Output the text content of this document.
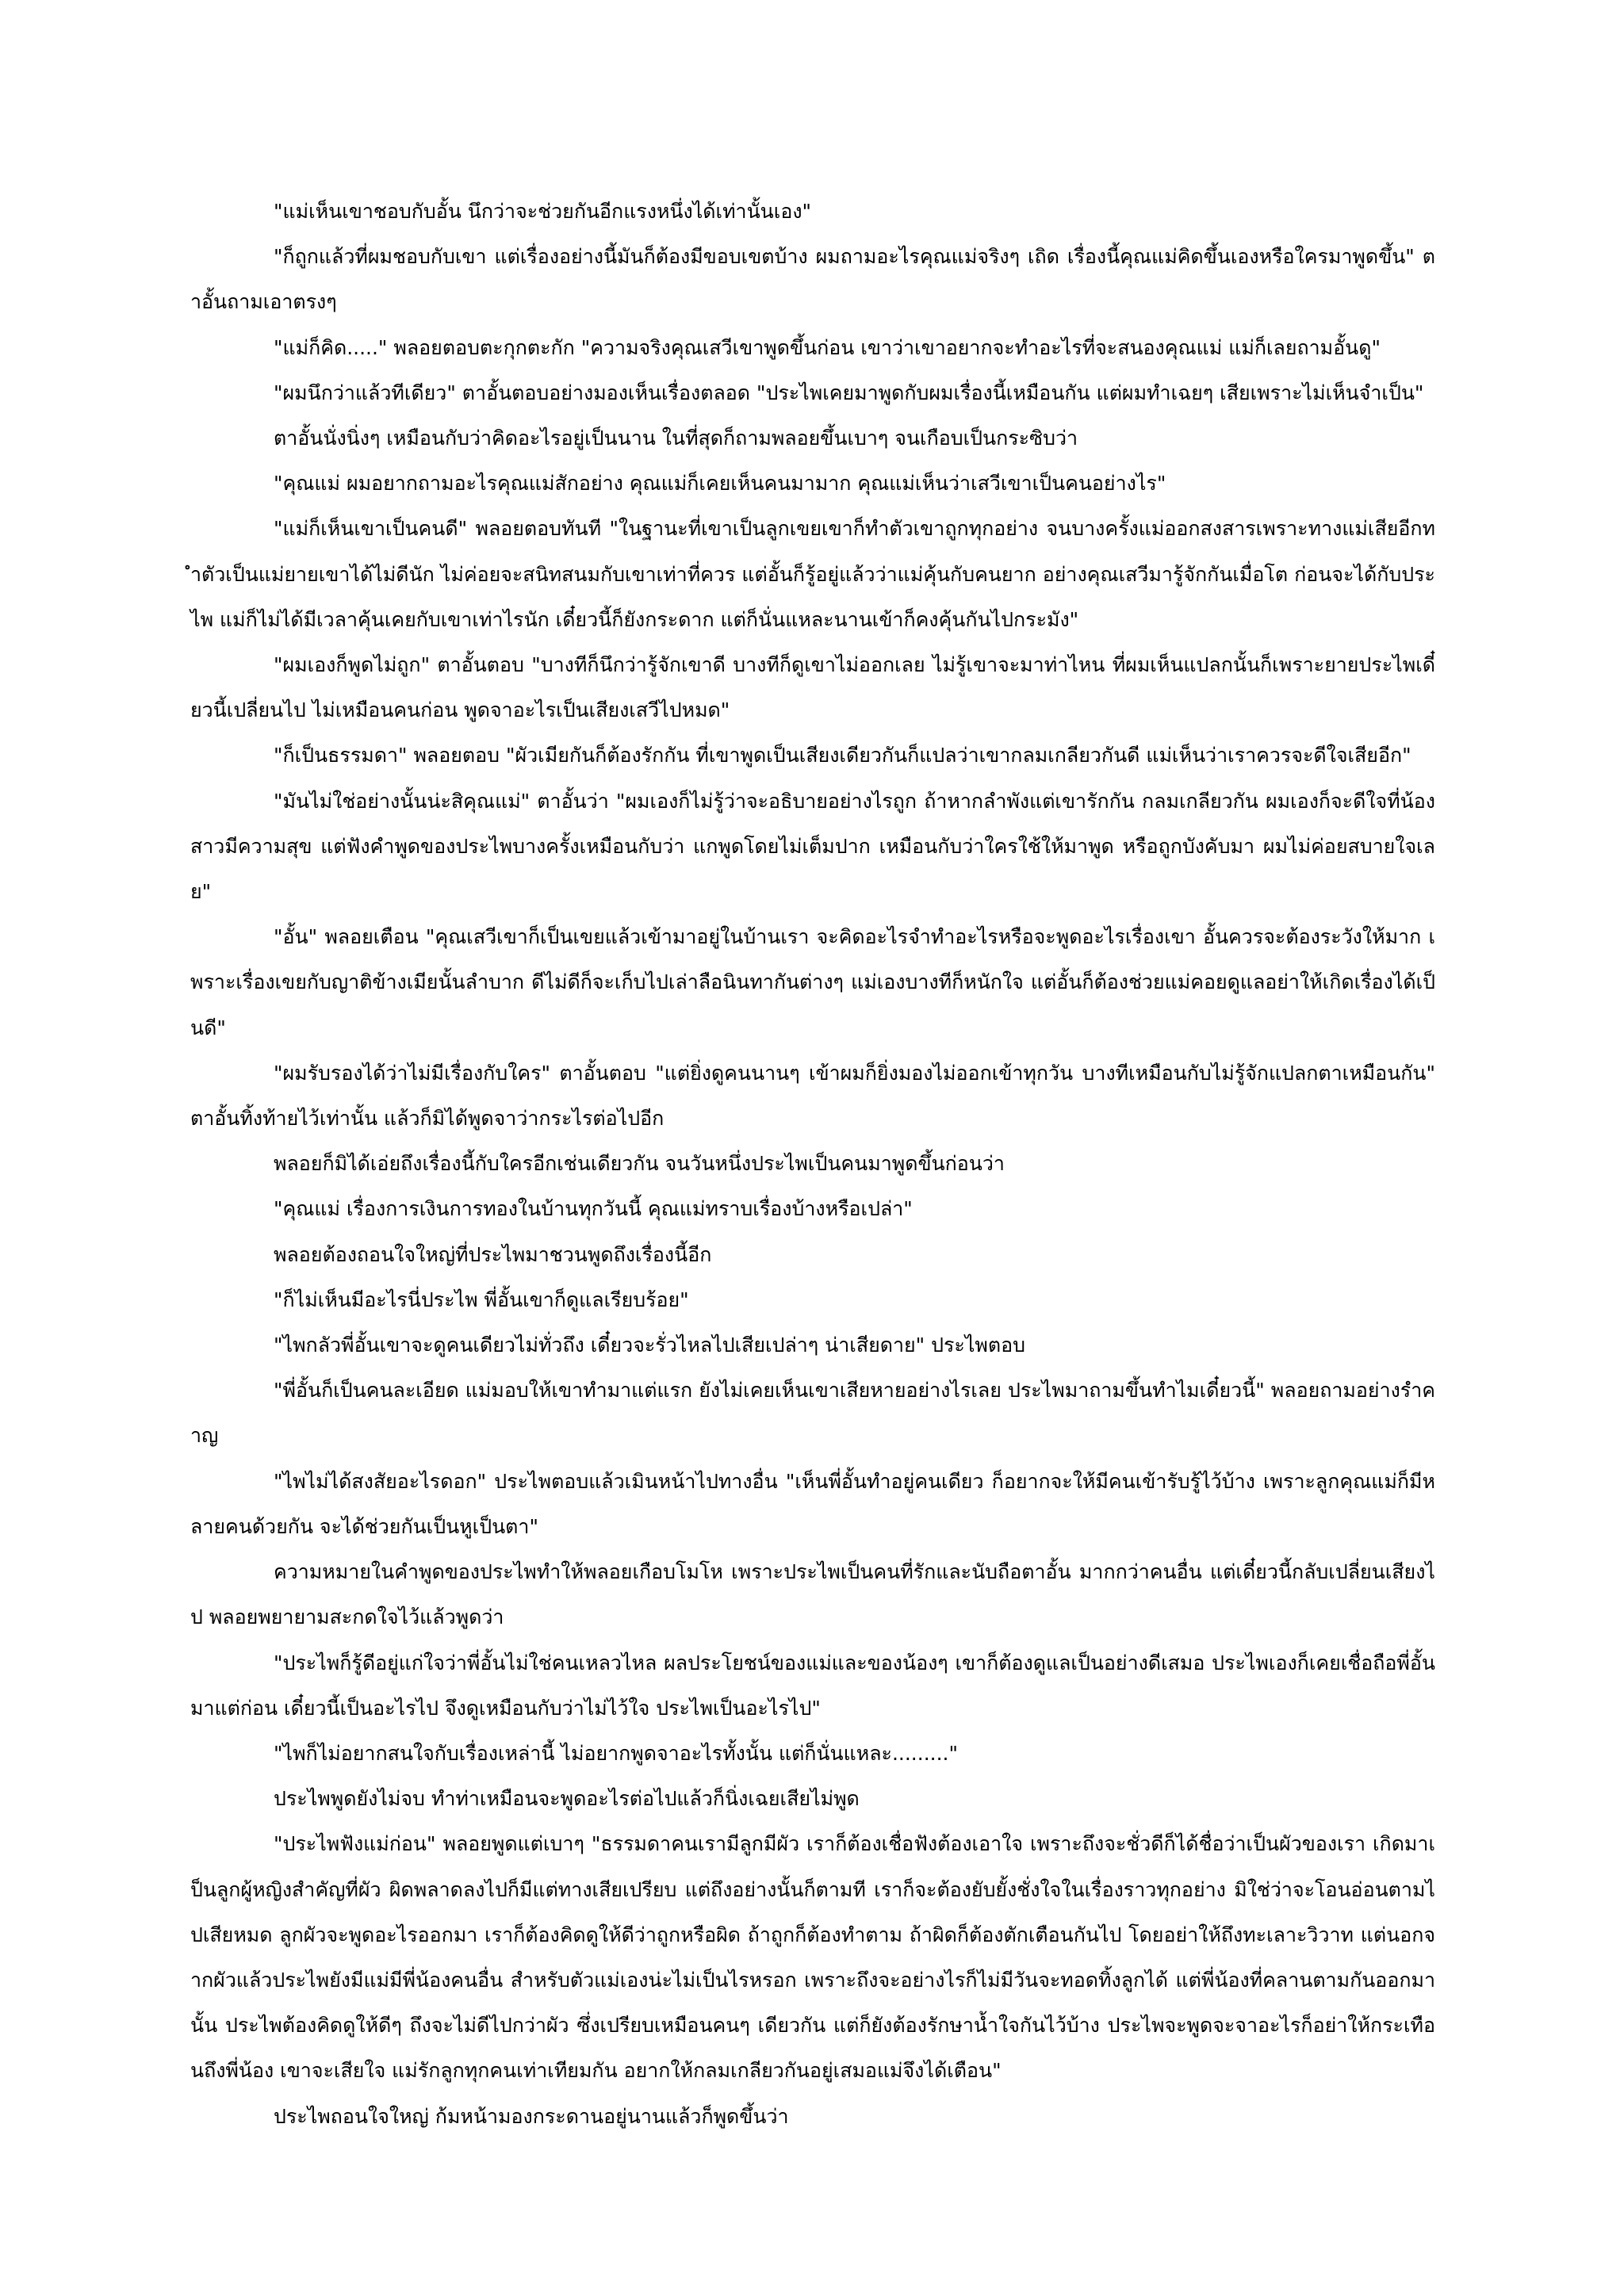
"แม่เห็นเขาชอบกับอั้น นึกว่าจะช่วยกันอีกแรงหนึ่งได้เท่านั้นเอง"

"ก็ถูกแล้วที่ผมชอบกับเขา แต่เรื่องอย่างนี้มันก็ต้องมีขอบเขตบ้าง ผมถามอะไรคุณแม่จริงๆ เถิด เรื่องนี้คุณแม่คิดขึ้นเองหรือใครมาพูดขึ้น" ตาอั้นถามเอาตรงๆ

"แม่ก็คิด....." พลอยตอบตะกุกตะกัก "ความจริงคุณเสวีเขาพูดขึ้นก่อน เขาว่าเขาอยากจะทำอะไรที่จะสนองคุณแม่ แม่ก็เลยถามอั้นดู"

"ผมนึกว่าแล้วทีเดียว" ตาอั้นตอบอย่างมองเห็นเรื่องตลอด "ประไพเคยมาพูดกับผมเรื่องนี้เหมือนกัน แต่ผมทำเฉยๆ เสียเพราะไม่เห็นจำเป็น"

ตาอั้นนั่งนิ่งๆ เหมือนกับว่าคิดอะไรอยู่เป็นนาน ในที่สุดก็ถามพลอยขึ้นเบาๆ จนเกือบเป็นกระซิบว่า

"คุณแม่ ผมอยากถามอะไรคุณแม่สักอย่าง คุณแม่ก็เคยเห็นคนมามาก คุณแม่เห็นว่าเสวีเขาเป็นคนอย่างไร"

"แม่ก็เห็นเขาเป็นคนดี" พลอยตอบทันที "ในฐานะที่เขาเป็นลูกเขยเขาก็ทำตัวเขาถูกทุกอย่าง จนบางครั้งแม่ออกสงสารเพราะทางแม่เสียอีกทำตัวเป็นแม่ยายเขาได้ไม่ดีนัก ไม่ค่อยจะสนิทสนมกับเขาเท่าที่ควร แต่อั้นก็รู้อยู่แล้วว่าแม่คุ้นกับคนยาก อย่างคุณเสวีมารู้จักกันเมื่อโต ก่อนจะได้กับประไพ แม่ก็ไม่ได้มีเวลาคุ้นเคยกับเขาเท่าไรนัก เดี๋ยวนี้ก็ยังกระดาก แต่ก็นั่นแหละนานเข้าก็คงคุ้นกันไปกระมัง"

"ผมเองก็พูดไม่ถูก" ตาอั้นตอบ "บางทีก็นึกว่ารู้จักเขาดี บางทีก็ดูเขาไม่ออกเลย ไม่รู้เขาจะมาท่าไหน ที่ผมเห็นแปลกนั้นก็เพราะยายประไพเดี๋ยวนี้เปลี่ยนไป ไม่เหมือนคนก่อน พูดจาอะไรเป็นเสียงเสวีไปหมด"

"ก็เป็นธรรมดา" พลอยตอบ "ผัวเมียกันก็ต้องรักกัน ที่เขาพูดเป็นเสียงเดียวกันก็แปลว่าเขากลมเกลียวกันดี แม่เห็นว่าเราควรจะดีใจเสียอีก"

"มันไม่ใช่อย่างนั้นน่ะสิคุณแม่" ตาอั้นว่า "ผมเองก็ไม่รู้ว่าจะอธิบายอย่างไรถูก ถ้าหากลำพังแต่เขารักกัน กลมเกลียวกัน ผมเองก็จะดีใจที่น้องสาวมีความสุข แต่ฟังคำพูดของประไพบางครั้งเหมือนกับว่า แกพูดโดยไม่เต็มปาก เหมือนกับว่าใครใช้ให้มาพูด หรือถูกบังคับมา ผมไม่ค่อยสบายใจเลย"

"อั้น" พลอยเตือน "คุณเสวีเขาก็เป็นเขยแล้วเข้ามาอยู่ในบ้านเรา จะคิดอะไรจำทำอะไรหรือจะพูดอะไรเรื่องเขา อั้นควรจะต้องระวังให้มาก เพราะเรื่องเขยกับญาติข้างเมียนั้นลำบาก ดีไม่ดีก็จะเก็บไปเล่าลือนินทากันต่างๆ แม่เองบางทีก็หนักใจ แต่อั้นก็ต้องช่วยแม่คอยดูแลอย่าให้เกิดเรื่องได้เป็นดี"

"ผมรับรองได้ว่าไม่มีเรื่องกับใคร" ตาอั้นตอบ "แต่ยิ่งดูคนนานๆ เข้าผมก็ยิ่งมองไม่ออกเข้าทุกวัน บางทีเหมือนกับไม่รู้จักแปลกตาเหมือนกัน" ตาอั้นทิ้งท้ายไว้เท่านั้น แล้วก็มิได้พูดจาว่ากระไรต่อไปอีก

พลอยก็มิได้เอ่ยถึงเรื่องนี้กับใครอีกเช่นเดียวกัน จนวันหนึ่งประไพเป็นคนมาพูดขึ้นก่อนว่า

"คุณแม่ เรื่องการเงินการทองในบ้านทุกวันนี้ คุณแม่ทราบเรื่องบ้างหรือเปล่า"

พลอยต้องถอนใจใหญ่ที่ประไพมาชวนพูดถึงเรื่องนี้อีก

"ก็ไม่เห็นมีอะไรนี่ประไพ พี่อั้นเขาก็ดูแลเรียบร้อย"

"ไพกลัวพี่อั้นเขาจะดูคนเดียวไม่ทั่วถึง เดี๋ยวจะรั่วไหลไปเสียเปล่าๆ น่าเสียดาย" ประไพตอบ

"พี่อั้นก็เป็นคนละเอียด แม่มอบให้เขาทำมาแต่แรก ยังไม่เคยเห็นเขาเสียหายอย่างไรเลย ประไพมาถามขึ้นทำไมเดี๋ยวนี้" พลอยถามอย่างรำคาญ

"ไพไม่ได้สงสัยอะไรดอก" ประไพตอบแล้วเมินหน้าไปทางอื่น "เห็นพี่อั้นทำอยู่คนเดียว ก็อยากจะให้มีคนเข้ารับรู้ไว้บ้าง เพราะลูกคุณแม่ก็มีหลายคนด้วยกัน จะได้ช่วยกันเป็นหูเป็นตา"

ความหมายในคำพูดของประไพทำให้พลอยเกือบโมโห เพราะประไพเป็นคนที่รักและนับถือตาอั้น มากกว่าคนอื่น แต่เดี๋ยวนี้กลับเปลี่ยนเสียงไป พลอยพยายามสะกดใจไว้แล้วพูดว่า

"ประไพก็รู้ดีอยู่แก่ใจว่าพี่อั้นไม่ใช่คนเหลวไหล ผลประโยชน์ของแม่และของน้องๆ เขาก็ต้องดูแลเป็นอย่างดีเสมอ ประไพเองก็เคยเชื่อถือพี่อั้นมาแต่ก่อน เดี๋ยวนี้เป็นอะไรไป จึงดูเหมือนกับว่าไม่ไว้ใจ ประไพเป็นอะไรไป"

"ไพก็ไม่อยากสนใจกับเรื่องเหล่านี้ ไม่อยากพูดจาอะไรทั้งนั้น แต่ก็นั่นแหละ........."

ประไพพูดยังไม่จบ ทำท่าเหมือนจะพูดอะไรต่อไปแล้วก็นิ่งเฉยเสียไม่พูด

"ประไพฟังแม่ก่อน" พลอยพูดแต่เบาๆ "ธรรมดาคนเรามีลูกมีผัว เราก็ต้องเชื่อฟังต้องเอาใจ เพราะถึงจะชั่วดีก็ได้ชื่อว่าเป็นผัวของเรา เกิดมาเป็นลูกผู้หญิงสำคัญที่ผัว ผิดพลาดลงไปก็มีแต่ทางเสียเปรียบ แต่ถึงอย่างนั้นก็ตามที เราก็จะต้องยับยั้งชั่งใจในเรื่องราวทุกอย่าง มิใช่ว่าจะโอนอ่อนตามไปเสียหมด ลูกผัวจะพูดอะไรออกมา เราก็ต้องคิดดูให้ดีว่าถูกหรือผิด ถ้าถูกก็ต้องทำตาม ถ้าผิดก็ต้องตักเตือนกันไป โดยอย่าให้ถึงทะเลาะวิวาท แต่นอกจากผัวแล้วประไพยังมีแม่มีพี่น้องคนอื่น สำหรับตัวแม่เองน่ะไม่เป็นไรหรอก เพราะถึงจะอย่างไรก็ไม่มีวันจะทอดทิ้งลูกได้ แต่พี่น้องที่คลานตามกันออกมานั้น ประไพต้องคิดดูให้ดีๆ ถึงจะไม่ดีไปกว่าผัว ซึ่งเปรียบเหมือนคนๆ เดียวกัน แต่ก็ยังต้องรักษาน้ำใจกันไว้บ้าง ประไพจะพูดจะจาอะไรก็อย่าให้กระเทือนถึงพี่น้อง เขาจะเสียใจ แม่รักลูกทุกคนเท่าเทียมกัน อยากให้กลมเกลียวกันอยู่เสมอแม่จึงได้เตือน"

ประไพถอนใจใหญ่ ก้มหน้ามองกระดานอยู่นานแล้วก็พูดขึ้นว่า
